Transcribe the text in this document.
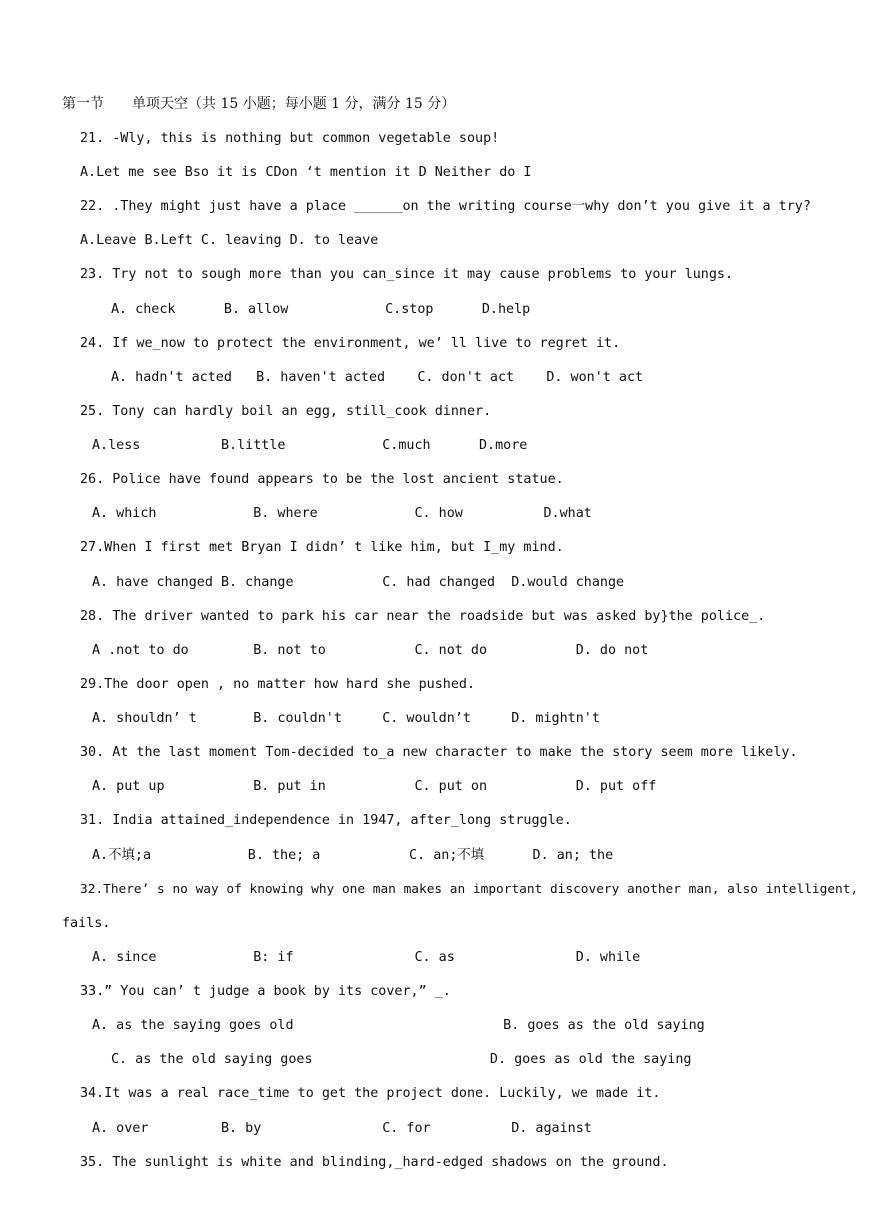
第一节　　单项天空（共 15 小题；每小题 1 分，满分 15 分）
21. -Wly, this is nothing but common vegetable soup!
A.Let me see Bso it is CDon ‘t mention it D Neither do I
22. .They might just have a place ______on the writing course一why don’t you give it a try?
A.Leave B.Left C. leaving D. to leave
23. Try not to sough more than you can_since it may cause problems to your lungs.
A. check      B. allow            C.stop      D.help
24. If we_now to protect the environment, we’ ll live to regret it.
A. hadn't acted   B. haven't acted    C. don't act    D. won't act
25. Tony can hardly boil an egg, still_cook dinner.
A.less          B.little            C.much      D.more
26. Police have found appears to be the lost ancient statue.
A. which            B. where            C. how          D.what
27.When I first met Bryan I didn’ t like him, but I_my mind.
A. have changed B. change           C. had changed  D.would change
28. The driver wanted to park his car near the roadside but was asked by}the police_.
A .not to do        B. not to           C. not do           D. do not
29.The door open , no matter how hard she pushed.
A. shouldn’ t       B. couldn't     C. wouldn’t     D. mightn't
30. At the last moment Tom-decided to_a new character to make the story seem more likely.
A. put up           B. put in           C. put on           D. put off
31. India attained_independence in 1947, after_long struggle.
A.不填;a            B. the; a           C. an;不填      D. an; the
32.There’ s no way of knowing why one man makes an important discovery another man, also intelligent,
fails.
A. since            B: if               C. as               D. while
33.” You can’ t judge a book by its cover,” _.
A. as the saying goes old                          B. goes as the old saying
C. as the old saying goes                      D. goes as old the saying
34.It was a real race_time to get the project done. Luckily, we made it.
A. over         B. by               C. for          D. against
35. The sunlight is white and blinding,_hard-edged shadows on the ground.
